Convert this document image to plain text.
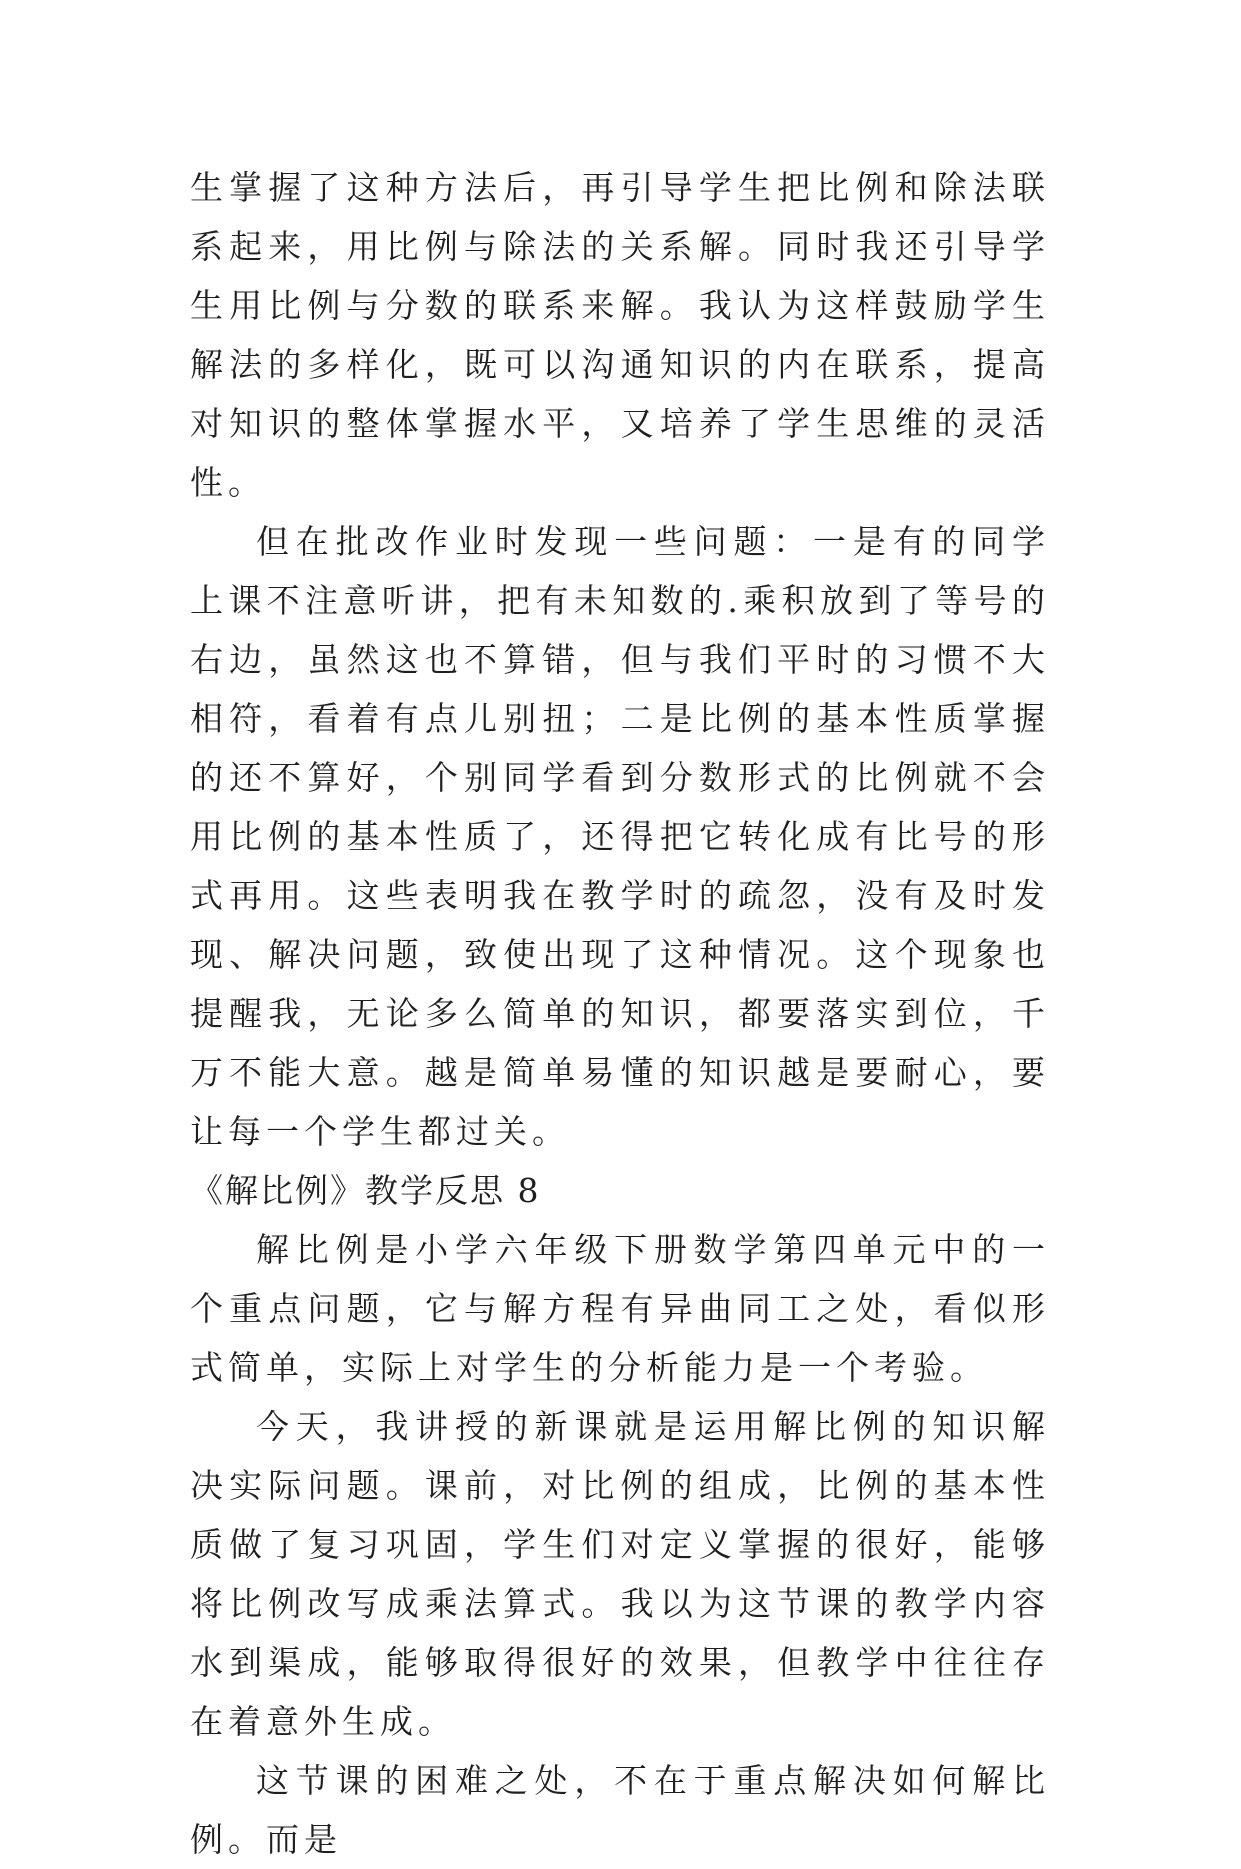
生掌握了这种方法后，再引导学生把比例和除法联系起来，用比例与除法的关系解。同时我还引导学生用比例与分数的联系来解。我认为这样鼓励学生解法的多样化，既可以沟通知识的内在联系，提高对知识的整体掌握水平，又培养了学生思维的灵活性。

但在批改作业时发现一些问题：一是有的同学上课不注意听讲，把有未知数的.乘积放到了等号的右边，虽然这也不算错，但与我们平时的习惯不大相符，看着有点儿别扭；二是比例的基本性质掌握的还不算好，个别同学看到分数形式的比例就不会用比例的基本性质了，还得把它转化成有比号的形式再用。这些表明我在教学时的疏忽，没有及时发现、解决问题，致使出现了这种情况。这个现象也提醒我，无论多么简单的知识，都要落实到位，千万不能大意。越是简单易懂的知识越是要耐心，要让每一个学生都过关。

《解比例》教学反思 8

解比例是小学六年级下册数学第四单元中的一个重点问题，它与解方程有异曲同工之处，看似形式简单，实际上对学生的分析能力是一个考验。

今天，我讲授的新课就是运用解比例的知识解决实际问题。课前，对比例的组成，比例的基本性质做了复习巩固，学生们对定义掌握的很好，能够将比例改写成乘法算式。我以为这节课的教学内容水到渠成，能够取得很好的效果，但教学中往往存在着意外生成。

这节课的困难之处，不在于重点解决如何解比例。而是
